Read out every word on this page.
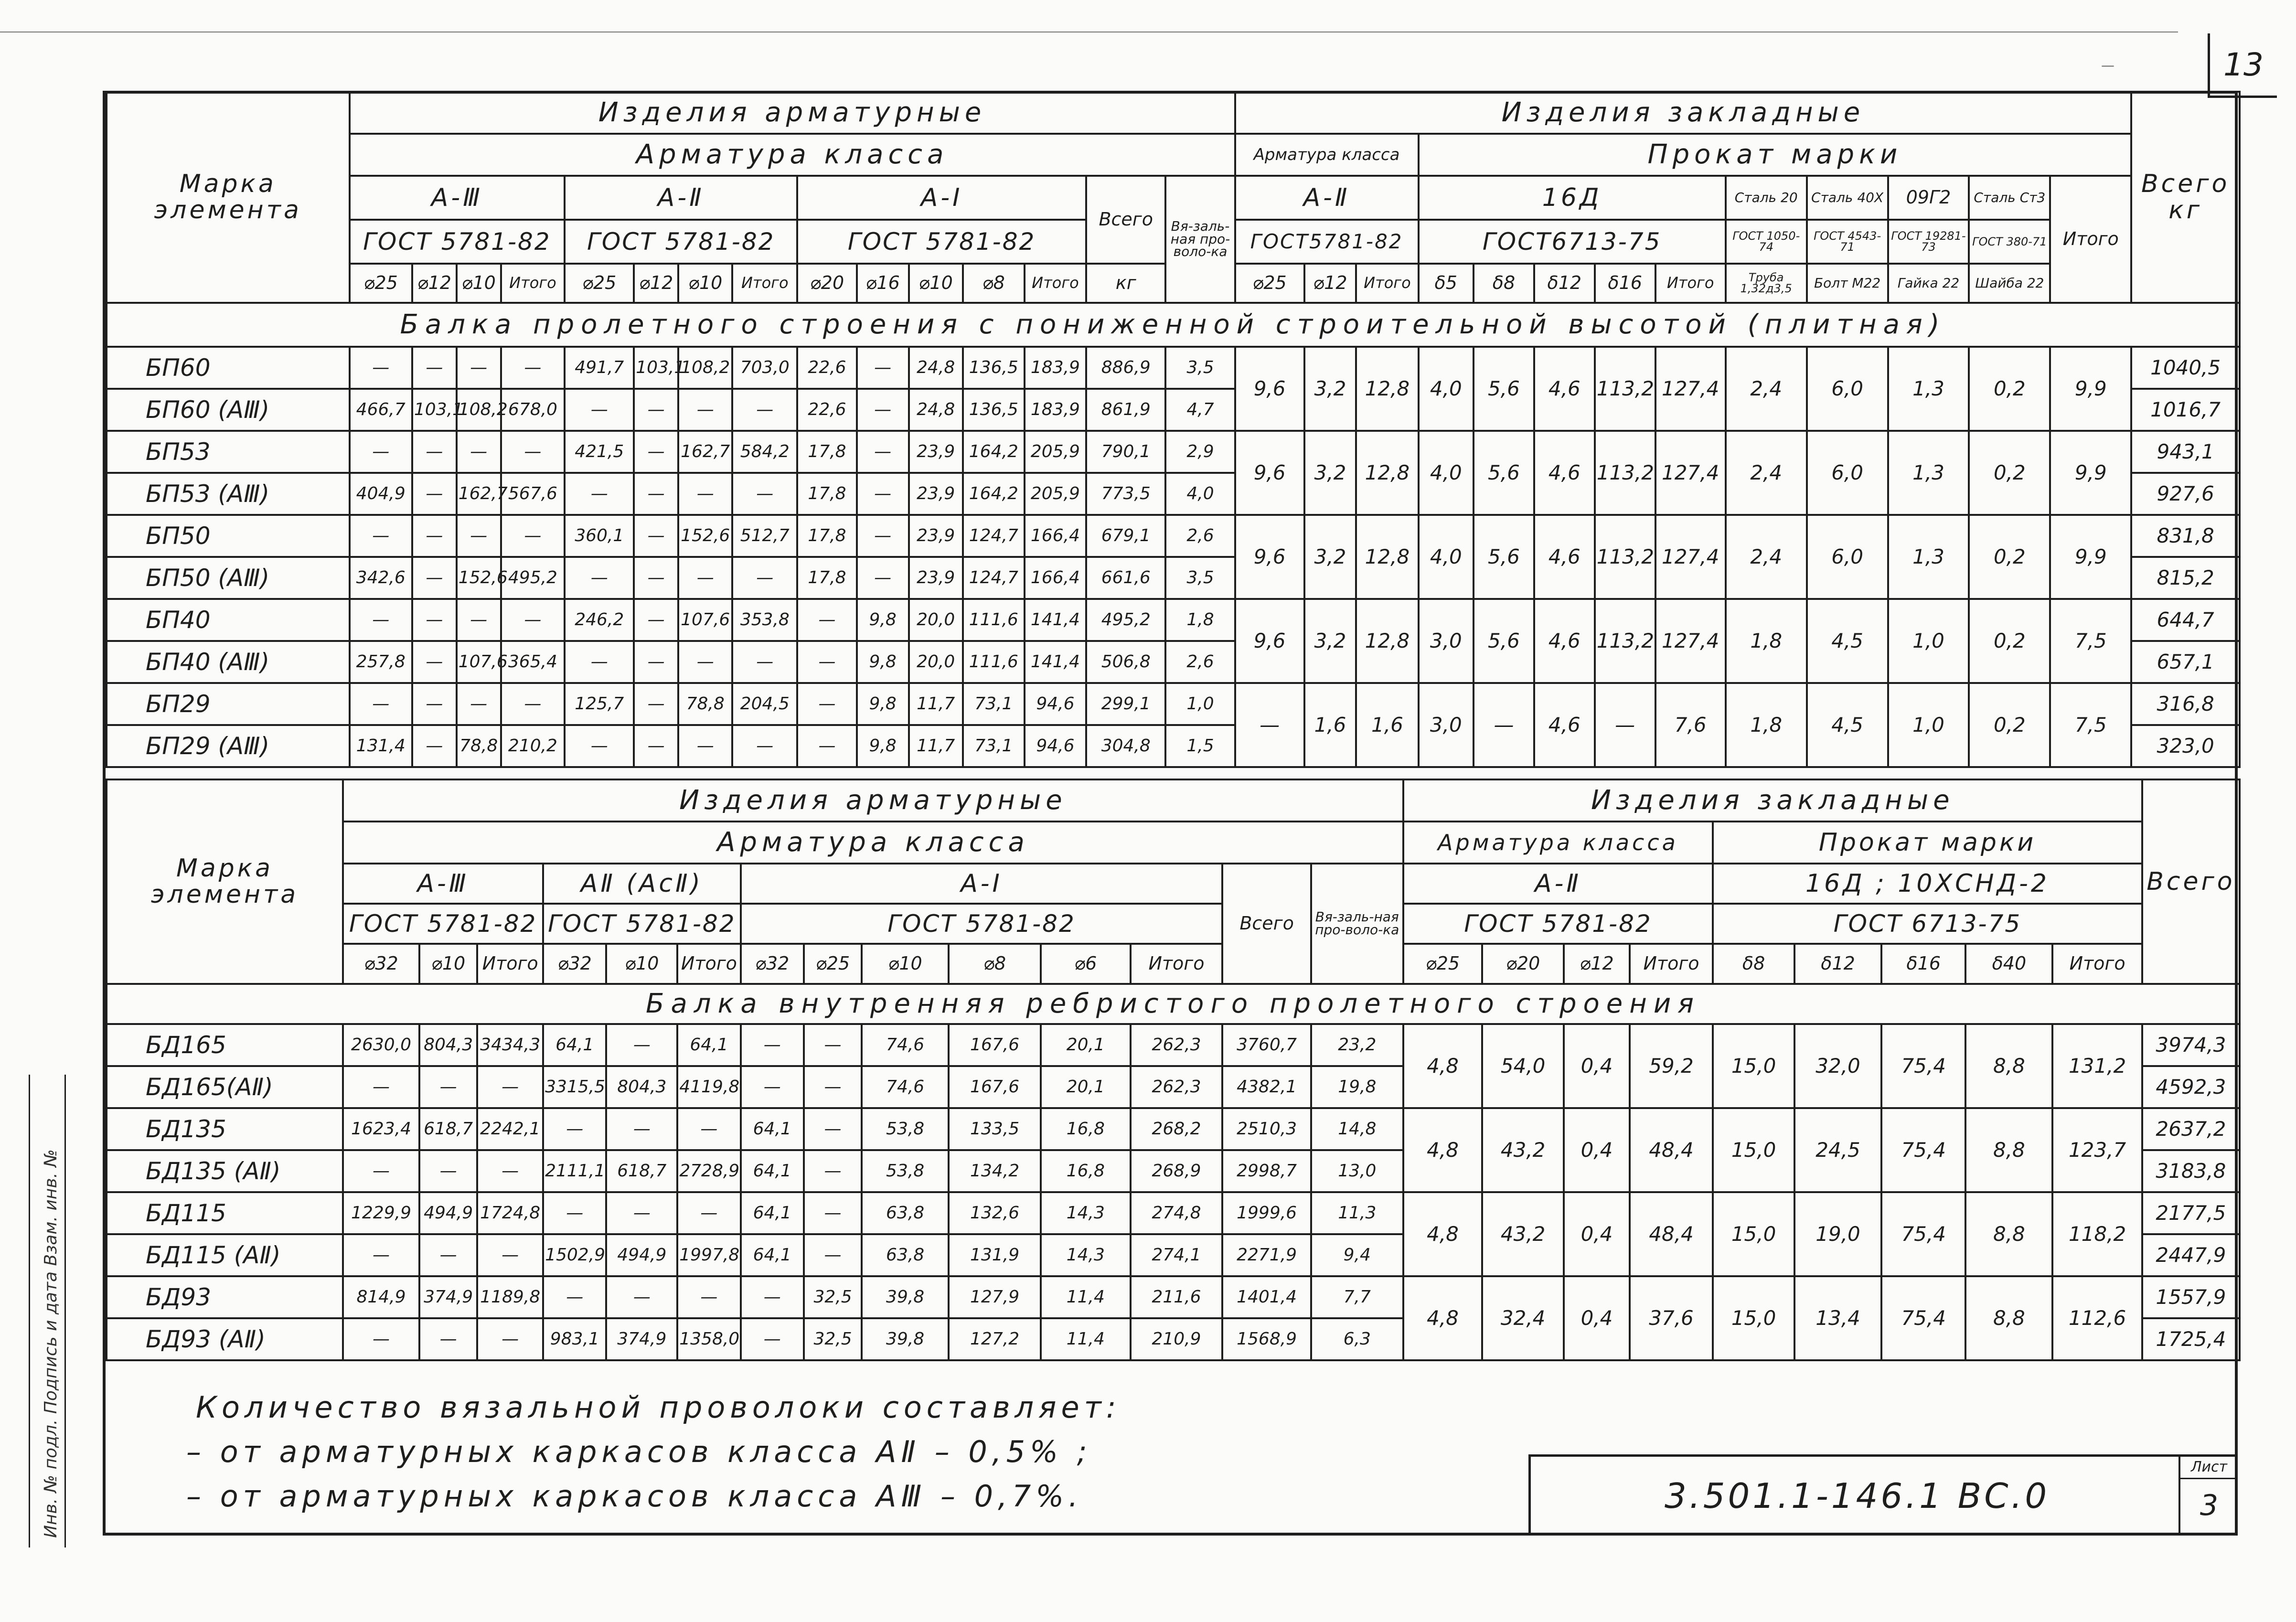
13
—
Марка элемента	Изделия арматурные															Изделия закладные													Всего кг
	Арматура класса															Арматура класса			Прокат марки										
	A-Ⅲ				A-Ⅱ				A-I					Всего	Вя-заль-ная про-воло-ка	A-Ⅱ			16Д					Сталь 20	Сталь 40Х	09Г2	Сталь Ст3	Итого	
	ГОСТ 5781-82				ГОСТ 5781-82				ГОСТ 5781-82							ГОСТ5781-82			ГОСТ6713-75					ГОСТ 1050-74	ГОСТ 4543-71	ГОСТ 19281-73	ГОСТ 380-71		
	⌀25	⌀12	⌀10	Итого	⌀25	⌀12	⌀10	Итого	⌀20	⌀16	⌀10	⌀8	Итого	кг		⌀25	⌀12	Итого	δ5	δ8	δ12	δ16	Итого	Труба 1,32д3,5	Болт М22	Гайка 22	Шайба 22		
Балка пролетного строения с пониженной строительной высотой (плитная)																													
БП60	—	—	—	—	491,7	103,1	108,2	703,0	22,6	—	24,8	136,5	183,9	886,9	3,5	9,6	3,2	12,8	4,0	5,6	4,6	113,2	127,4	2,4	6,0	1,3	0,2	9,9	1040,5
БП60 (АⅢ)	466,7	103,1	108,2	678,0	—	—	—	—	22,6	—	24,8	136,5	183,9	861,9	4,7														1016,7
БП53	—	—	—	—	421,5	—	162,7	584,2	17,8	—	23,9	164,2	205,9	790,1	2,9	9,6	3,2	12,8	4,0	5,6	4,6	113,2	127,4	2,4	6,0	1,3	0,2	9,9	943,1
БП53 (АⅢ)	404,9	—	162,7	567,6	—	—	—	—	17,8	—	23,9	164,2	205,9	773,5	4,0														927,6
БП50	—	—	—	—	360,1	—	152,6	512,7	17,8	—	23,9	124,7	166,4	679,1	2,6	9,6	3,2	12,8	4,0	5,6	4,6	113,2	127,4	2,4	6,0	1,3	0,2	9,9	831,8
БП50 (АⅢ)	342,6	—	152,6	495,2	—	—	—	—	17,8	—	23,9	124,7	166,4	661,6	3,5														815,2
БП40	—	—	—	—	246,2	—	107,6	353,8	—	9,8	20,0	111,6	141,4	495,2	1,8	9,6	3,2	12,8	3,0	5,6	4,6	113,2	127,4	1,8	4,5	1,0	0,2	7,5	644,7
БП40 (АⅢ)	257,8	—	107,6	365,4	—	—	—	—	—	9,8	20,0	111,6	141,4	506,8	2,6														657,1
БП29	—	—	—	—	125,7	—	78,8	204,5	—	9,8	11,7	73,1	94,6	299,1	1,0	—	1,6	1,6	3,0	—	4,6	—	7,6	1,8	4,5	1,0	0,2	7,5	316,8
БП29 (АⅢ)	131,4	—	78,8	210,2	—	—	—	—	—	9,8	11,7	73,1	94,6	304,8	1,5														323,0
Марка элемента	Изделия арматурные														Изделия закладные									Всего
	Арматура класса														Арматура класса				Прокат марки					
	A-Ⅲ			АⅡ (АсⅡ)			A-I						Всего	Вя-заль-ная про-воло-ка	A-Ⅱ				16Д ; 10ХСНД-2					
	ГОСТ 5781-82			ГОСТ 5781-82			ГОСТ 5781-82								ГОСТ 5781-82				ГОСТ 6713-75					
	⌀32	⌀10	Итого	⌀32	⌀10	Итого	⌀32	⌀25	⌀10	⌀8	⌀6	Итого			⌀25	⌀20	⌀12	Итого	δ8	δ12	δ16	δ40	Итого	
Балка внутренняя ребристого пролетного строения																								
БД165	2630,0	804,3	3434,3	64,1	—	64,1	—	—	74,6	167,6	20,1	262,3	3760,7	23,2	4,8	54,0	0,4	59,2	15,0	32,0	75,4	8,8	131,2	3974,3
БД165(АⅡ)	—	—	—	3315,5	804,3	4119,8	—	—	74,6	167,6	20,1	262,3	4382,1	19,8										4592,3
БД135	1623,4	618,7	2242,1	—	—	—	64,1	—	53,8	133,5	16,8	268,2	2510,3	14,8	4,8	43,2	0,4	48,4	15,0	24,5	75,4	8,8	123,7	2637,2
БД135 (АⅡ)	—	—	—	2111,1	618,7	2728,9	64,1	—	53,8	134,2	16,8	268,9	2998,7	13,0										3183,8
БД115	1229,9	494,9	1724,8	—	—	—	64,1	—	63,8	132,6	14,3	274,8	1999,6	11,3	4,8	43,2	0,4	48,4	15,0	19,0	75,4	8,8	118,2	2177,5
БД115 (АⅡ)	—	—	—	1502,9	494,9	1997,8	64,1	—	63,8	131,9	14,3	274,1	2271,9	9,4										2447,9
БД93	814,9	374,9	1189,8	—	—	—	—	32,5	39,8	127,9	11,4	211,6	1401,4	7,7	4,8	32,4	0,4	37,6	15,0	13,4	75,4	8,8	112,6	1557,9
БД93 (АⅡ)	—	—	—	983,1	374,9	1358,0	—	32,5	39,8	127,2	11,4	210,9	1568,9	6,3										1725,4
Количество вязальной проволоки составляет:
– от арматурных каркасов класса АⅡ – 0,5% ;
– от арматурных каркасов класса АⅢ – 0,7%.	3.501.1-146.1 ВС.0
Лист
3
Инв. № подл. Подпись и дата Взам. инв. №
